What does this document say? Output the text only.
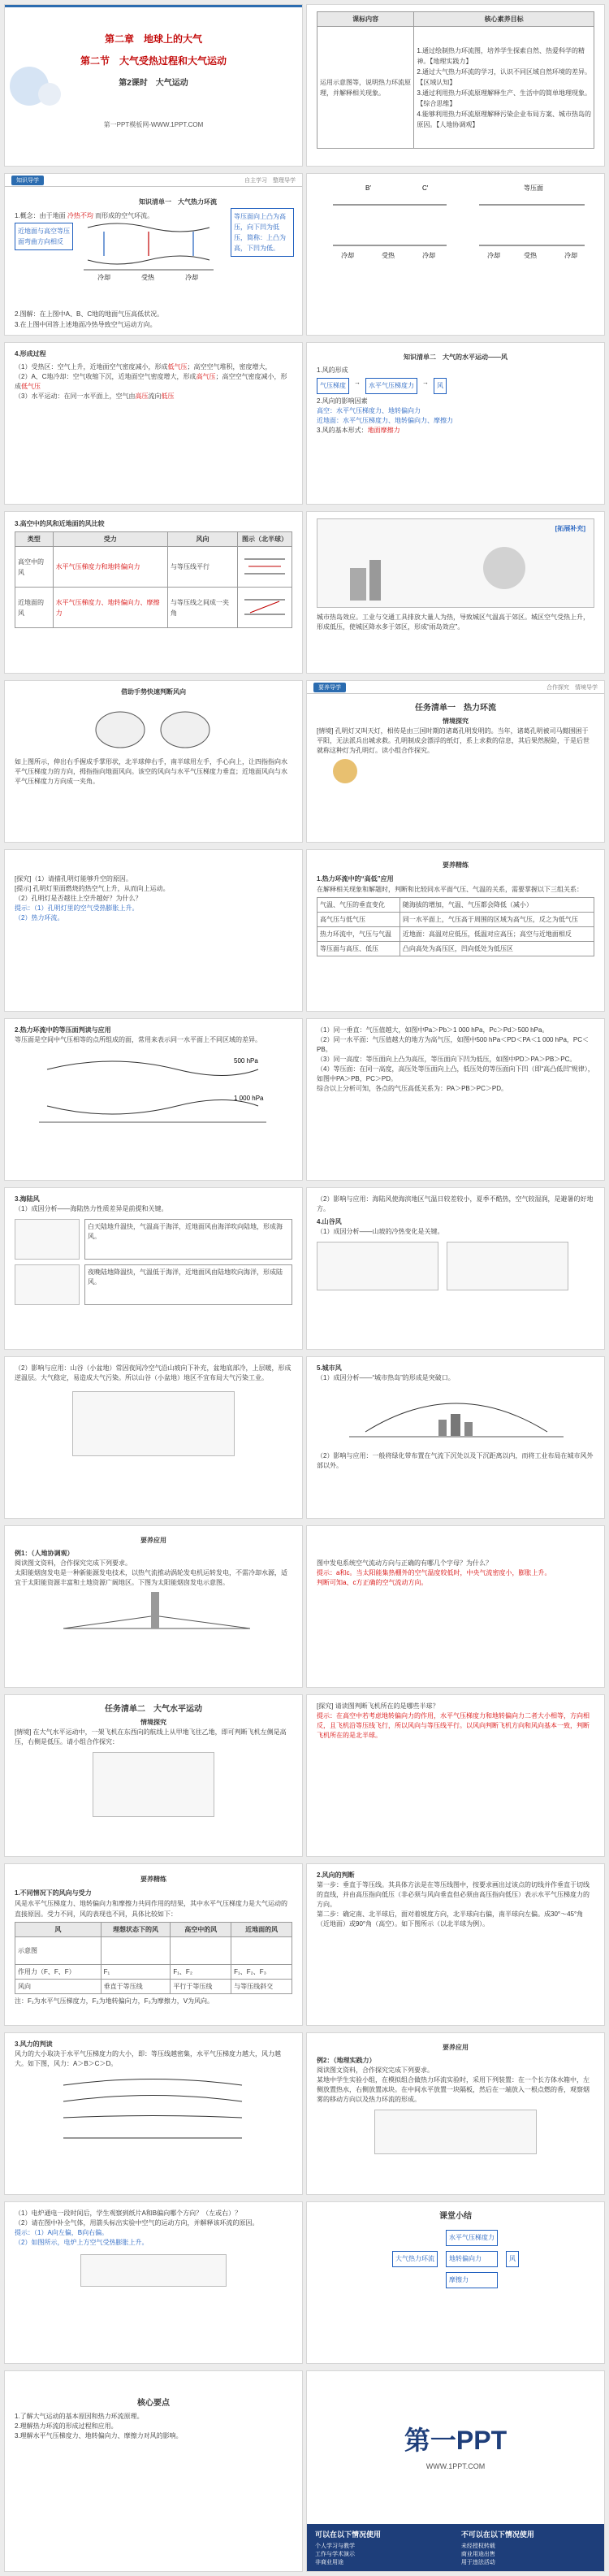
第二章　地球上的大气
第二节　大气受热过程和大气运动
第2课时　大气运动
第一PPT模板网-WWW.1PPT.COM
课标内容	核心素养目标
运用示意图等，说明热力环流原理，并解释相关现象。	1.通过绘制热力环流图，培养学生探索自然、热爱科学的精神。【地理实践力】
2.通过大气热力环流的学习，认识不同区域自然环境的差异。【区域认知】
3.通过利用热力环流原理解释生产、生活中的简单地理现象。【综合思维】
4.能够利用热力环流原理解释污染企业布局方案、城市热岛的原因。【人地协调观】
知识导学	自主学习　整理导学
知识清单一　大气热力环流
1.概念：由于地面 冷热不均 而形成的空气环流。
近地面与高空等压面弯曲方向相反
等压面向上凸为高压，向下凹为低压，简称：上凸为高，下凹为低。
冷却	受热	冷却
2.图解：在上图中A、B、C地的地面气压高低状况。
3.在上图中回答上述地面冷热导致空气运动方向。
B′	C′
冷却	受热	冷却	冷却	受热	冷却
等压面
4.形成过程
（1）受热区：空气上升，近地面空气密度减小，形成低气压；高空空气堆积，密度增大，
（2）A、C地冷却：空气收缩下沉，近地面空气密度增大，形成高气压；高空空气密度减小，形成低气压
（3）水平运动：在同一水平面上，空气由高压流向低压
知识清单二　大气的水平运动——风
1.风的形成
气压梯度	→	水平气压梯度力	→	风
2.风向的影响因素
高空：水平气压梯度力、地转偏向力
近地面：水平气压梯度力、地转偏向力、摩擦力
3.风的基本形式：地面摩擦力
3.高空中的风和近地面的风比较
类型	受力	风向	图示（北半球）
高空中的风	水平气压梯度力和地转偏向力	与等压线平行	
近地面的风	水平气压梯度力、地转偏向力、摩擦力	与等压线之间成一夹角	
[拓展补充]
城市热岛效应。工业与交通工具排放大量人为热，导致城区气温高于郊区。城区空气受热上升，形成低压，使城区降水多于郊区，形成“雨岛效应”。
借助手势快速判断风向
如上图所示，伸出右手握成手掌形状，北半球伸右手，南半球用左手，手心向上，让四指指向水平气压梯度力的方向，拇指指向地面风向。该空的风向与水平气压梯度力垂直；近地面风向与水平气压梯度力方向成一夹角。
要养导学	合作探究　情境导学
任务清单一　热力环流
情境探究
[情境] 孔明灯又叫天灯，相传是由三国时期的诸葛孔明发明的。当年，诸葛孔明被司马懿围困于平阳，无法派兵出城求救。孔明制成会漂浮的纸灯，系上求救的信息，其后果然脱险，于是后世就称这种灯为孔明灯。读小组合作探究。
[探究]（1）请描孔明灯能够升空的原因。
[提示] 孔明灯里面燃烧的热空气上升，从而向上运动。
（2）孔明灯是否越往上空升越好？为什么？
提示：（1）孔明灯里的空气受热膨胀上升。
（2）热力环流。
要养精练
1.热力环流中的“高低”应用
在解释相关现象和解题时，判断和比较同水平面气压、气温的关系，需要掌握以下三组关系：
气温、气压的垂直变化	随海拔的增加，气温、气压都会降低（减小）
高气压与低气压	同一水平面上，气压高于周围的区域为高气压，反之为低气压
热力环流中，气压与气温	近地面：高温对应低压，低温对应高压；高空与近地面相反
等压面与高压、低压	凸向高处为高压区，凹向低处为低压区
2.热力环流中的等压面判读与应用
等压面是空间中气压相等的点所组成的面，常用来表示同一水平面上不同区域的差异。
500 hPa
1 000 hPa
（1）同一垂直：气压值越大，如图中Pa＞Pb＞1 000 hPa，Pc＞Pd＞500 hPa。
（2）同一水平面：气压值越大的地方为高气压，如图中500 hPa＜PD＜PA＜1 000 hPa，PC＜PB。
（3）同一高度：等压面向上凸为高压，等压面向下凹为低压，如图中PD＞PA＞PB＞PC。
（4）等压面：在同一高度，高压处等压面向上凸，低压处的等压面向下凹（即“高凸低凹”规律），如图中PA＞PB，PC＞PD。
综合以上分析可知，各点的气压高低关系为：PA＞PB＞PC＞PD。
3.海陆风
（1）成因分析——海陆热力性质差异是前提和关键。
白天陆地升温快，气温高于海洋，近地面风由海洋吹向陆地，形成海风。
夜晚陆地降温快，气温低于海洋，近地面风由陆地吹向海洋，形成陆风。
（2）影响与应用：海陆风使海滨地区气温日较差较小，夏季不酷热，空气较湿润，是避暑的好地方。
4.山谷风
（1）成因分析——山坡的冷热变化是关键。
（2）影响与应用：山谷（小盆地）常因夜间冷空气沿山坡向下补充，盆地底部冷，上层暖，形成逆温层。大气稳定，易造成大气污染。所以山谷（小盆地）地区不宜布局大气污染工业。
5.城市风
（1）成因分析——“城市热岛”的形成是突破口。
（2）影响与应用：一般将绿化带布置在气流下沉处以及下沉距离以内，而将工业布局在城市风外部以外。
要养应用
例1：（人地协调观）
阅读图文资料，合作探究完成下列要求。
太阳能烟囱发电是一种新能源发电技术，以热气流推动涡轮发电机运转发电，不需冷却水源，适宜于太阳能资源丰富和土地资源广阔地区。下图为太阳能烟囱发电示意图。
图中发电系统空气流动方向与正确的有哪几个字母？为什么？
提示：a和c。当太阳能集热棚外的空气温度较低时，中央气流密度小，膨胀上升。
判断可知a、c方正确的空气流动方向。
任务清单二　大气水平运动
情境探究
[情境] 在大气水平运动中，一架飞机在东西向的航线上从甲地飞往乙地，即可判断飞机左侧是高压，右侧是低压。请小组合作探究：
[探究] 请读图判断飞机所在的是哪些半球？
提示：在高空中若考虑地转偏向力的作用，水平气压梯度力和地转偏向力二者大小相等，方向相反，且飞机沿等压线飞行，所以风向与等压线平行。以风向判断飞机方向和风向基本一致，判断飞机所在的是北半球。
要养精练
1.不同情况下的风向与受力
风是水平气压梯度力、地转偏向力和摩擦力共同作用的结果，其中水平气压梯度力是大气运动的直接原因。受力不同，风的表现也不同，具体比较如下：
风	理想状态下的风	高空中的风	近地面的风
示意图			
作用力（F、F、F）	F₁	F₁、F₂	F₁、F₂、F₃
风向	垂直于等压线	平行于等压线	与等压线斜交
注：F₁为水平气压梯度力，F₂为地转偏向力，F₃为摩擦力，V为风向。
2.风向的判断
第一步：垂直于等压线。其具体方法是在等压线图中，按要求画出过该点的切线并作垂直于切线的直线，并由高压指向低压（非必须与风向垂直但必须由高压指向低压）表示水平气压梯度力的方向。
第二步：确定南、北半球后，面对着坡度方向，北半球向右偏，南半球向左偏。成30°～45°角（近地面）或90°角（高空）。如下图所示（以北半球为例）。
3.风力的判读
风力的大小取决于水平气压梯度力的大小，即：等压线越密集，水平气压梯度力越大，风力越大。如下图，风力：A＞B＞C＞D。
要养应用
例2：（地理实践力）
阅读图文资料，合作探究完成下列要求。
某地中学生实验小组，在模拟组合做热力环流实验时，采用下列装置：在一个长方体水箱中，左侧放置热水，右侧放置冰块。在中间水平放置一块隔板，然后在一端放入一根点燃的香，观察烟雾的移动方向以及热力环流的形成。
（1）电炉通电一段时间后，学生观察到纸片A和B偏向哪个方向？（左或右）？
（2）请在图中补全气体，用箭头标出实验中空气的运动方向，并解释该环流的原因。
提示：（1）A向左偏，B向右偏。
（2）如图所示，电炉上方空气受热膨胀上升。
课堂小结
大气热力环流
水平气压梯度力
地转偏向力
摩擦力
风
核心要点
1.了解大气运动的基本原因和热力环流原理。
2.理解热力环流的形成过程和应用。
3.理解水平气压梯度力、地转偏向力、摩擦力对风的影响。	第一PPT
WWW.1PPT.COM
可以在以下情况使用
个人学习与教学
工作与学术演示
非商业用途
不可以在以下情况使用
未经授权转载
商业用途出售
用于违法活动
